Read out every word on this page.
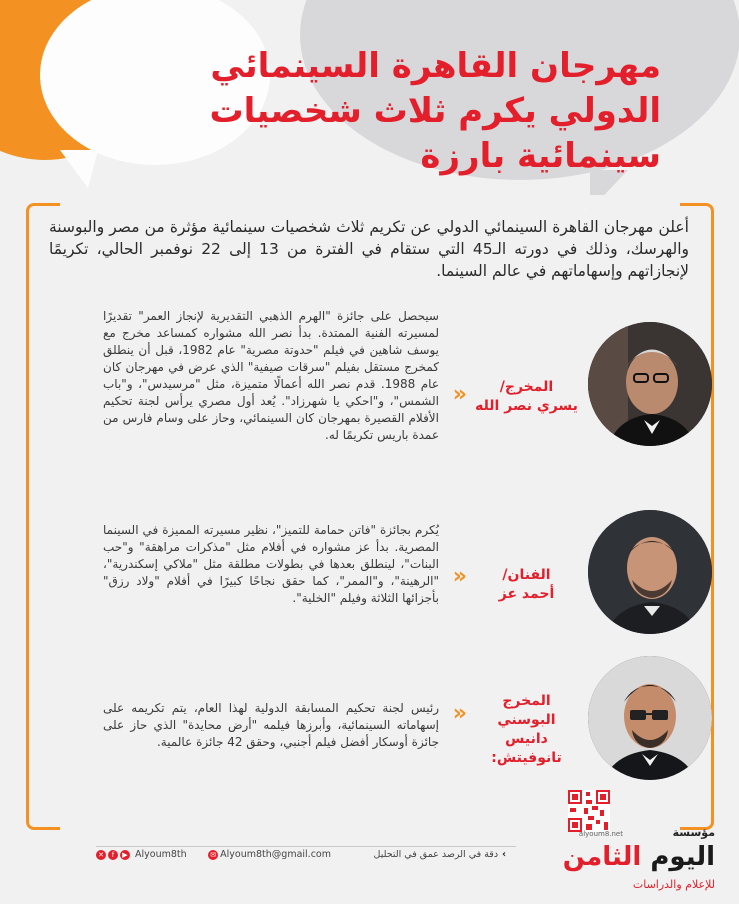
مهرجان القاهرة السينمائي
الدولي يكرم ثلاث شخصيات
سينمائية بارزة

أعلن مهرجان القاهرة السينمائي الدولي عن تكريم ثلاث شخصيات سينمائية مؤثرة من مصر والبوسنة والهرسك، وذلك في دورته الـ45 التي ستقام في الفترة من 13 إلى 22 نوفمبر الحالي، تكريمًا لإنجازاتهم وإسهاماتهم في عالم السينما.

المخرج/
يسري نصر الله
«

سيحصل على جائزة "الهرم الذهبي التقديرية لإنجاز العمر" تقديرًا لمسيرته الفنية الممتدة. بدأ نصر الله مشواره كمساعد مخرج مع يوسف شاهين في فيلم "حدوتة مصرية" عام 1982، قبل أن ينطلق كمخرج مستقل بفيلم "سرقات صيفية" الذي عرض في مهرجان كان عام 1988. قدم نصر الله أعمالًا متميزة، مثل "مرسيدس"، و"باب الشمس"، و"احكي يا شهرزاد". يُعد أول مصري يرأس لجنة تحكيم الأفلام القصيرة بمهرجان كان السينمائي، وحاز على وسام فارس من عمدة باريس تكريمًا له.

الفنان/
أحمد عز
«

يُكرم بجائزة "فاتن حمامة للتميز"، نظير مسيرته المميزة في السينما المصرية. بدأ عز مشواره في أفلام مثل "مذكرات مراهقة" و"حب البنات"، لينطلق بعدها في بطولات مطلقة مثل "ملاكي إسكندرية"، "الرهينة"، و"الممر"، كما حقق نجاحًا كبيرًا في أفلام "ولاد رزق" بأجزائها الثلاثة وفيلم "الخلية".

المخرج
البوسني دانيس تانوفيتش:
«

رئيس لجنة تحكيم المسابقة الدولية لهذا العام، يتم تكريمه على إسهاماته السينمائية، وأبرزها فيلمه "أرض محايدة" الذي حاز على جائزة أوسكار أفضل فيلم أجنبي، وحقق 42 جائزة عالمية.

مؤسسة
alyoum8.net
اليوم الثامن
للإعلام والدراسات
›دقة في الرصد عمق في التحليل
✉ Alyoum8th@gmail.com
✕ f ▶ Alyoum8th
